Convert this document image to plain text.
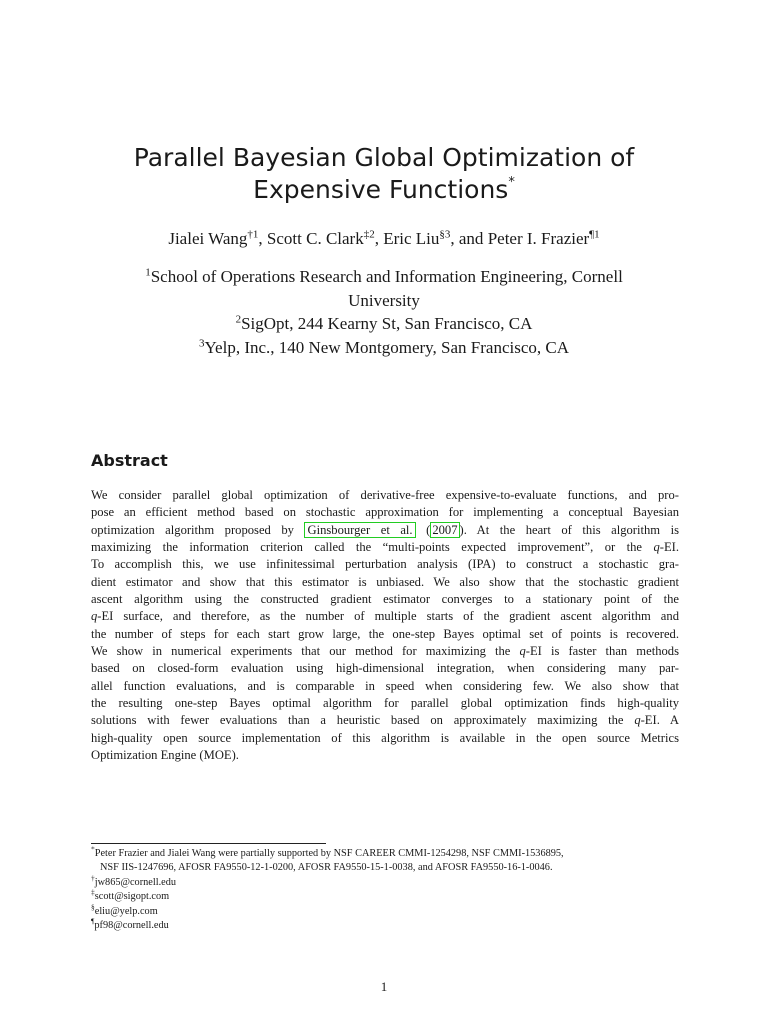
Parallel Bayesian Global Optimization of
Expensive Functions*
Jialei Wang$^{\dagger 1}$, Scott C. Clark$^{\ddagger 2}$, Eric Liu$^{\S 3}$, and Peter I. Frazier$^{\P 1}$
$^1$School of Operations Research and Information Engineering, Cornell
University
$^2$SigOpt, 244 Kearny St, San Francisco, CA
$^3$Yelp, Inc., 140 New Montgomery, San Francisco, CA
Abstract
We consider parallel global optimization of derivative-free expensive-to-evaluate functions, and pro-
pose an efficient method based on stochastic approximation for implementing a conceptual Bayesian
optimization algorithm proposed by Ginsbourger et al. ( 2007 ). At the heart of this algorithm is
maximizing the information criterion called the “multi-points expected improvement”, or the q-EI.
To accomplish this, we use infinitessimal perturbation analysis (IPA) to construct a stochastic gra-
dient estimator and show that this estimator is unbiased. We also show that the stochastic gradient
ascent algorithm using the constructed gradient estimator converges to a stationary point of the
q-EI surface, and therefore, as the number of multiple starts of the gradient ascent algorithm and
the number of steps for each start grow large, the one-step Bayes optimal set of points is recovered.
We show in numerical experiments that our method for maximizing the q-EI is faster than methods
based on closed-form evaluation using high-dimensional integration, when considering many par-
allel function evaluations, and is comparable in speed when considering few. We also show that
the resulting one-step Bayes optimal algorithm for parallel global optimization finds high-quality
solutions with fewer evaluations than a heuristic based on approximately maximizing the q-EI. A
high-quality open source implementation of this algorithm is available in the open source Metrics
Optimization Engine (MOE).
*Peter Frazier and Jialei Wang were partially supported by NSF CAREER CMMI-1254298, NSF CMMI-1536895,
NSF IIS-1247696, AFOSR FA9550-12-1-0200, AFOSR FA9550-15-1-0038, and AFOSR FA9550-16-1-0046.
†jw865@cornell.edu
‡scott@sigopt.com
§eliu@yelp.com
¶pf98@cornell.edu
1
